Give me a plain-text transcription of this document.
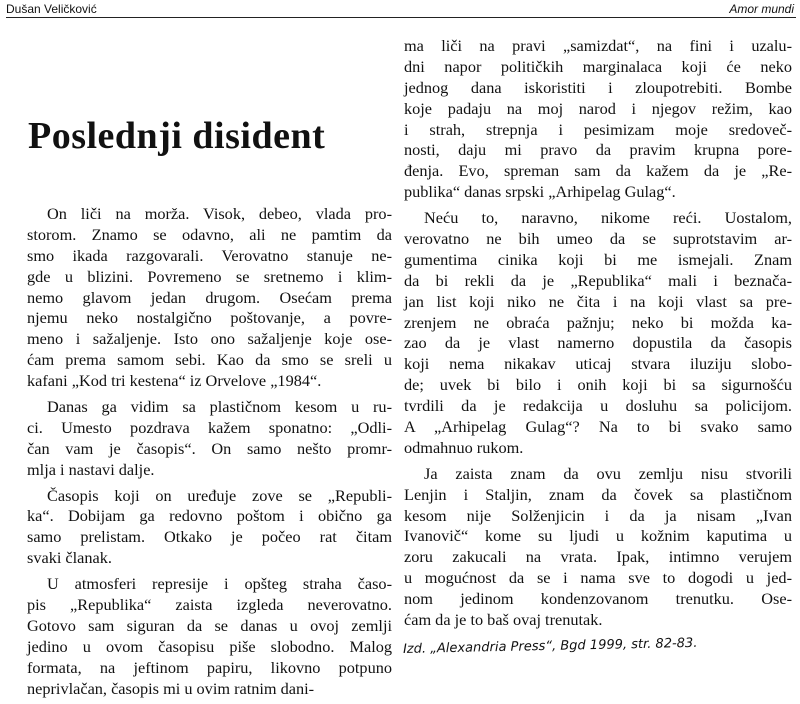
Dušan Veličković	Amor mundi
Poslednji disident
On liči na morža. Visok, debeo, vlada pro-
storom. Znamo se odavno, ali ne pamtim da
smo ikada razgovarali. Verovatno stanuje ne-
gde u blizini. Povremeno se sretnemo i klim-
nemo glavom jedan drugom. Osećam prema
njemu neko nostalgično poštovanje, a povre-
meno i sažaljenje. Isto ono sažaljenje koje ose-
ćam prema samom sebi. Kao da smo se sreli u
kafani „Kod tri kestena“ iz Orvelove „1984“.
Danas ga vidim sa plastičnom kesom u ru-
ci. Umesto pozdrava kažem sponatno: „Odli-
čan vam je časopis“. On samo nešto promr-
mlja i nastavi dalje.
Časopis koji on uređuje zove se „Republi-
ka“. Dobijam ga redovno poštom i obično ga
samo prelistam. Otkako je počeo rat čitam
svaki članak.
U atmosferi represije i opšteg straha časo-
pis „Republika“ zaista izgleda neverovatno.
Gotovo sam siguran da se danas u ovoj zemlji
jedino u ovom časopisu piše slobodno. Malog
formata, na jeftinom papiru, likovno potpuno
neprivlačan, časopis mi u ovim ratnim dani-
ma liči na pravi „samizdat“, na fini i uzalu-
dni napor političkih marginalaca koji će neko
jednog dana iskoristiti i zloupotrebiti. Bombe
koje padaju na moj narod i njegov režim, kao
i strah, strepnja i pesimizam moje sredoveč-
nosti, daju mi pravo da pravim krupna pore-
đenja. Evo, spreman sam da kažem da je „Re-
publika“ danas srpski „Arhipelag Gulag“.
Neću to, naravno, nikome reći. Uostalom,
verovatno ne bih umeo da se suprotstavim ar-
gumentima cinika koji bi me ismejali. Znam
da bi rekli da je „Republika“ mali i beznača-
jan list koji niko ne čita i na koji vlast sa pre-
zrenjem ne obraća pažnju; neko bi možda ka-
zao da je vlast namerno dopustila da časopis
koji nema nikakav uticaj stvara iluziju slobo-
de; uvek bi bilo i onih koji bi sa sigurnošću
tvrdili da je redakcija u dosluhu sa policijom.
A „Arhipelag Gulag“? Na to bi svako samo
odmahnuo rukom.
Ja zaista znam da ovu zemlju nisu stvorili
Lenjin i Staljin, znam da čovek sa plastičnom
kesom nije Solženjicin i da ja nisam „Ivan
Ivanovič“ kome su ljudi u kožnim kaputima u
zoru zakucali na vrata. Ipak, intimno verujem
u mogućnost da se i nama sve to dogodi u jed-
nom jedinom kondenzovanom trenutku. Ose-
ćam da je to baš ovaj trenutak.
Izd. „Alexandria Press“, Bgd 1999, str. 82-83.
